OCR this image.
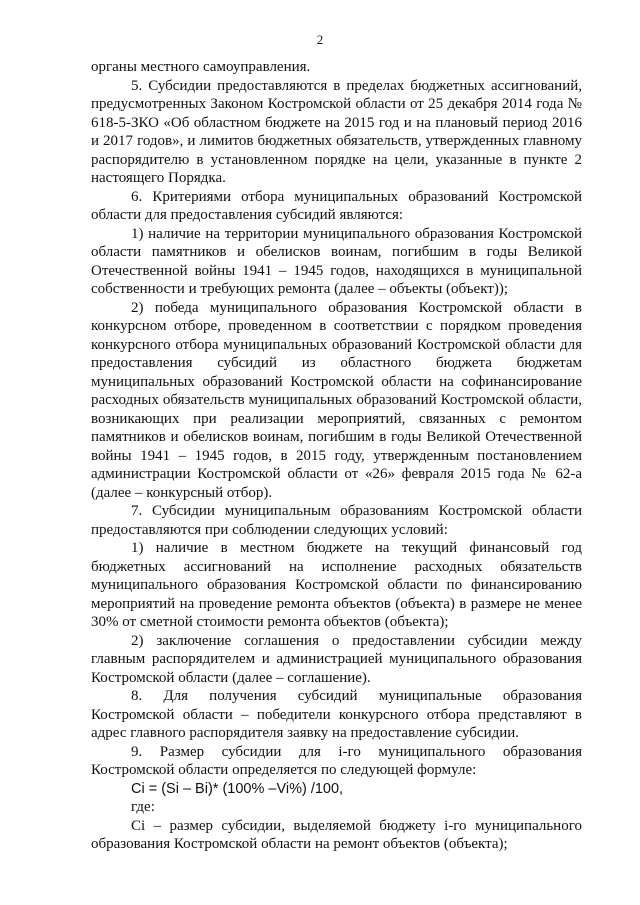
2

органы местного самоуправления.

5. Субсидии предоставляются в пределах бюджетных ассигнований, предусмотренных Законом Костромской области от 25 декабря 2014 года № 618-5-ЗКО «Об областном бюджете на 2015 год и на плановый период 2016 и 2017 годов», и лимитов бюджетных обязательств, утвержденных главному распорядителю в установленном порядке на цели, указанные в пункте 2 настоящего Порядка.

6. Критериями отбора муниципальных образований Костромской области для предоставления субсидий являются:

1) наличие на территории муниципального образования Костромской области памятников и обелисков воинам, погибшим в годы Великой Отечественной войны 1941 – 1945 годов, находящихся в муниципальной собственности и требующих ремонта (далее – объекты (объект));

2) победа муниципального образования Костромской области в конкурсном отборе, проведенном в соответствии с порядком проведения конкурсного отбора муниципальных образований Костромской области для предоставления субсидий из областного бюджета бюджетам муниципальных образований Костромской области на софинансирование расходных обязательств муниципальных образований Костромской области, возникающих при реализации мероприятий, связанных с ремонтом памятников и обелисков воинам, погибшим в годы Великой Отечественной войны 1941 – 1945 годов, в 2015 году, утвержденным постановлением администрации Костромской области от «26» февраля 2015 года № 62-а (далее – конкурсный отбор).

7. Субсидии муниципальным образованиям Костромской области предоставляются при соблюдении следующих условий:

1) наличие в местном бюджете на текущий финансовый год бюджетных ассигнований на исполнение расходных обязательств муниципального образования Костромской области по финансированию мероприятий на проведение ремонта объектов (объекта) в размере не менее 30% от сметной стоимости ремонта объектов (объекта);

2) заключение соглашения о предоставлении субсидии между главным распорядителем и администрацией муниципального образования Костромской области (далее – соглашение).

8. Для получения субсидий муниципальные образования Костромской области – победители конкурсного отбора представляют в адрес главного распорядителя заявку на предоставление субсидии.

9. Размер субсидии для i-го муниципального образования Костромской области определяется по следующей формуле:

Ci = (Si – Bi)* (100% –Vi%) /100,

где:

Ci – размер субсидии, выделяемой бюджету i-го муниципального образования Костромской области на ремонт объектов (объекта);
